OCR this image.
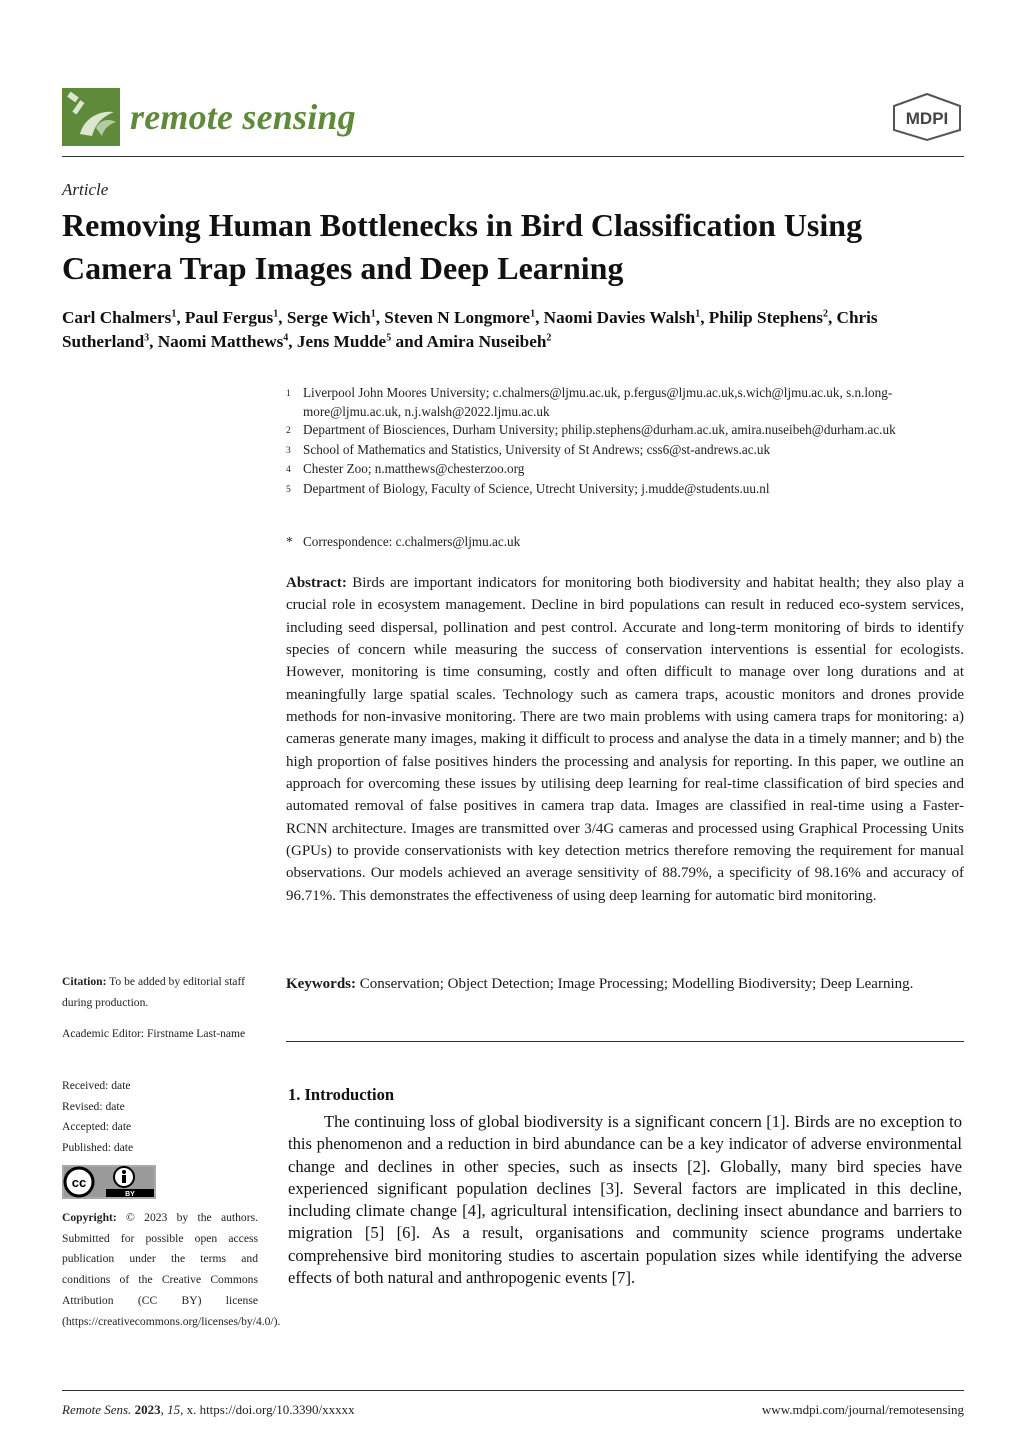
remote sensing	MDPI
Article
Removing Human Bottlenecks in Bird Classification Using Camera Trap Images and Deep Learning
Carl Chalmers$^1$, Paul Fergus$^1$, Serge Wich$^1$, Steven N Longmore$^1$, Naomi Davies Walsh$^1$, Philip Stephens$^2$, Chris Sutherland$^3$, Naomi Matthews$^4$, Jens Mudde$^5$ and Amira Nuseibeh$^2$
1 Liverpool John Moores University; c.chalmers@ljmu.ac.uk, p.fergus@ljmu.ac.uk,s.wich@ljmu.ac.uk, s.n.long-more@ljmu.ac.uk, n.j.walsh@2022.ljmu.ac.uk
2 Department of Biosciences, Durham University; philip.stephens@durham.ac.uk, amira.nuseibeh@durham.ac.uk
3 School of Mathematics and Statistics, University of St Andrews; css6@st-andrews.ac.uk
4 Chester Zoo; n.matthews@chesterzoo.org
5 Department of Biology, Faculty of Science, Utrecht University; j.mudde@students.uu.nl
* Correspondence: c.chalmers@ljmu.ac.uk
Abstract: Birds are important indicators for monitoring both biodiversity and habitat health; they also play a crucial role in ecosystem management. Decline in bird populations can result in reduced eco-system services, including seed dispersal, pollination and pest control. Accurate and long-term monitoring of birds to identify species of concern while measuring the success of conservation interventions is essential for ecologists. However, monitoring is time consuming, costly and often difficult to manage over long durations and at meaningfully large spatial scales. Technology such as camera traps, acoustic monitors and drones provide methods for non-invasive monitoring. There are two main problems with using camera traps for monitoring: a) cameras generate many images, making it difficult to process and analyse the data in a timely manner; and b) the high proportion of false positives hinders the processing and analysis for reporting. In this paper, we outline an approach for overcoming these issues by utilising deep learning for real-time classification of bird species and automated removal of false positives in camera trap data. Images are classified in real-time using a Faster-RCNN architecture. Images are transmitted over 3/4G cameras and processed using Graphical Processing Units (GPUs) to provide conservationists with key detection metrics therefore removing the requirement for manual observations. Our models achieved an average sensitivity of 88.79%, a specificity of 98.16% and accuracy of 96.71%. This demonstrates the effectiveness of using deep learning for automatic bird monitoring.
Keywords: Conservation; Object Detection; Image Processing; Modelling Biodiversity; Deep Learning.
1. Introduction
The continuing loss of global biodiversity is a significant concern [1]. Birds are no exception to this phenomenon and a reduction in bird abundance can be a key indicator of adverse environmental change and declines in other species, such as insects [2]. Globally, many bird species have experienced significant population declines [3]. Several factors are implicated in this decline, including climate change [4], agricultural intensification, declining insect abundance and barriers to migration [5] [6]. As a result, organisations and community science programs undertake comprehensive bird monitoring studies to ascertain population sizes while identifying the adverse effects of both natural and anthropogenic events [7].
Citation: To be added by editorial staff during production.
Academic Editor: Firstname Last-name
Received: date
Revised: date
Accepted: date
Published: date
cc
BY
Copyright: © 2023 by the authors. Submitted for possible open access publication under the terms and conditions of the Creative Commons Attribution (CC BY) license (https://creativecommons.org/licenses/by/4.0/).
Remote Sens. 2023, 15, x. https://doi.org/10.3390/xxxxx	www.mdpi.com/journal/remotesensing
